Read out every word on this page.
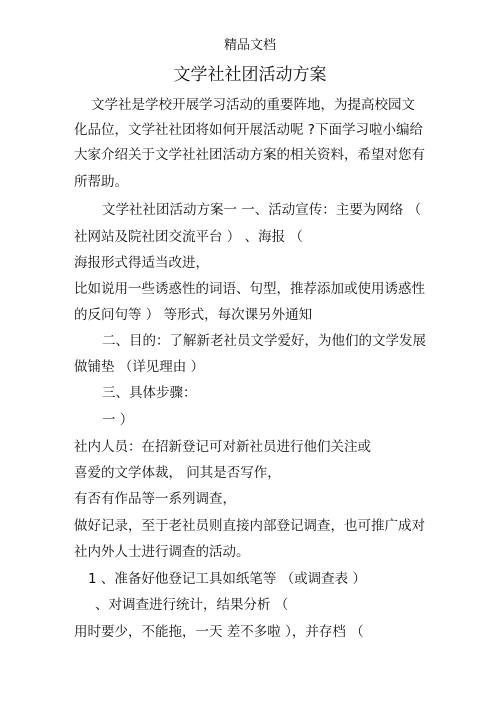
精品文档
文学社社团活动方案
文学社是学校开展学习活动的重要阵地，为提高校园文
化品位，文学社社团将如何开展活动呢 ?下面学习啦小编给
大家介绍关于文学社社团活动方案的相关资料，希望对您有
所帮助。
文学社社团活动方案一 一、活动宣传：主要为网络 （
社网站及院社团交流平台 ） 、海报 （
海报形式得适当改进，
比如说用一些诱惑性的词语、句型，推荐添加或使用诱惑性
的反问句等 ） 等形式，每次课另外通知
二、目的：了解新老社员文学爱好，为他们的文学发展
做铺垫 （详见理由 ）
三、具体步骤：
一 ）
社内人员：在招新登记可对新社员进行他们关注或
喜爱的文学体裁， 问其是否写作，
有否有作品等一系列调查，
做好记录，至于老社员则直接内部登记调查，也可推广成对
社内外人士进行调查的活动。
1 、准备好他登记工具如纸笔等 （或调查表 ）
、对调查进行统计，结果分析 （
用时要少，不能拖，一天 差不多啦 ），并存档 （
